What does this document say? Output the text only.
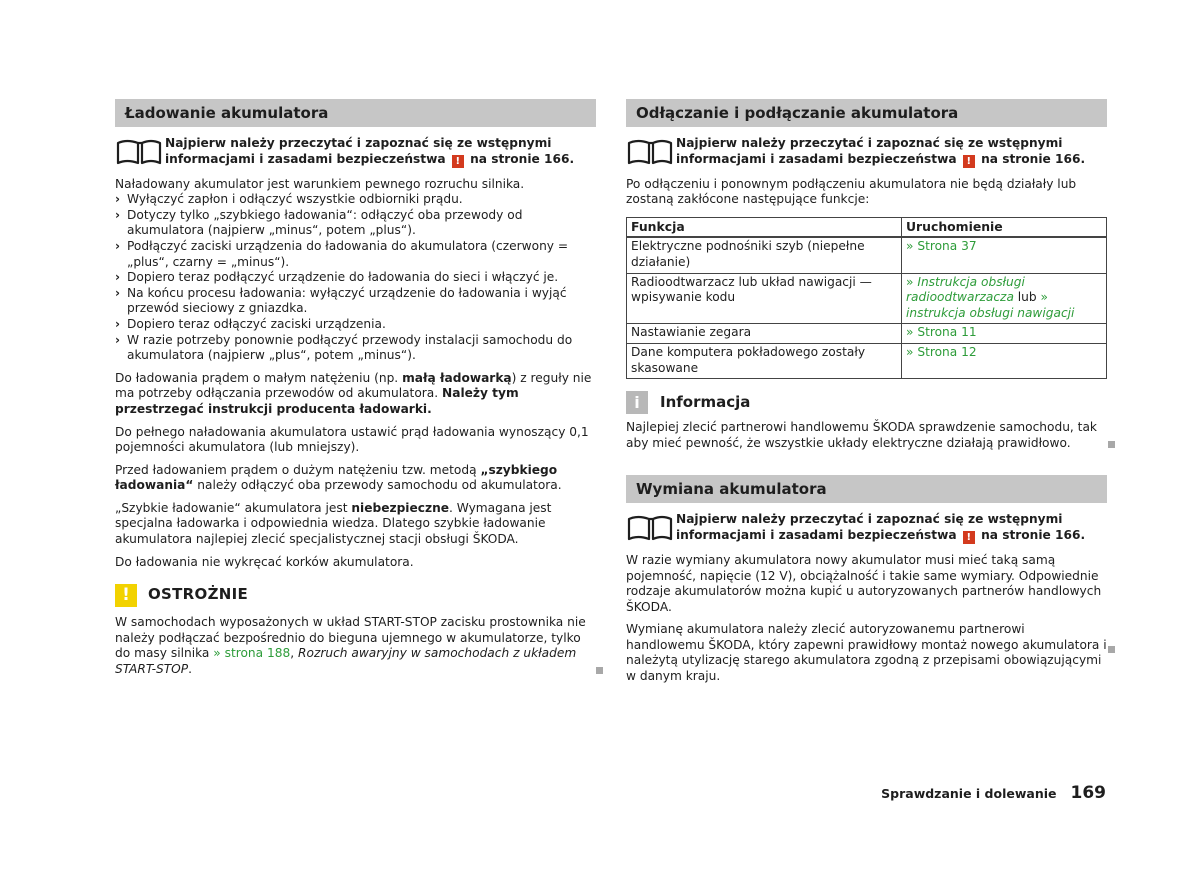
Ładowanie akumulatora
Najpierw należy przeczytać i zapoznać się ze wstępnymi informacjami i zasadami bezpieczeństwa ! na stronie 166.

Naładowany akumulator jest warunkiem pewnego rozruchu silnika.

› Wyłączyć zapłon i odłączyć wszystkie odbiorniki prądu.
› Dotyczy tylko „szybkiego ładowania“: odłączyć oba przewody od akumulatora (najpierw „minus“, potem „plus“).
› Podłączyć zaciski urządzenia do ładowania do akumulatora (czerwony = „plus“, czarny = „minus“).
› Dopiero teraz podłączyć urządzenie do ładowania do sieci i włączyć je.
› Na końcu procesu ładowania: wyłączyć urządzenie do ładowania i wyjąć przewód sieciowy z gniazdka.
› Dopiero teraz odłączyć zaciski urządzenia.
› W razie potrzeby ponownie podłączyć przewody instalacji samochodu do akumulatora (najpierw „plus“, potem „minus“).

Do ładowania prądem o małym natężeniu (np. małą ładowarką) z reguły nie ma potrzeby odłączania przewodów od akumulatora. Należy tym przestrzegać instrukcji producenta ładowarki.

Do pełnego naładowania akumulatora ustawić prąd ładowania wynoszący 0,1 pojemności akumulatora (lub mniejszy).

Przed ładowaniem prądem o dużym natężeniu tzw. metodą „szybkiego ładowania“ należy odłączyć oba przewody samochodu od akumulatora.

„Szybkie ładowanie“ akumulatora jest niebezpieczne. Wymagana jest specjalna ładowarka i odpowiednia wiedza. Dlatego szybkie ładowanie akumulatora najlepiej zlecić specjalistycznej stacji obsługi ŠKODA.

Do ładowania nie wykręcać korków akumulatora.

!	OSTROŻNIE

W samochodach wyposażonych w układ START-STOP zacisku prostownika nie należy podłączać bezpośrednio do bieguna ujemnego w akumulatorze, tylko do masy silnika » strona 188, Rozruch awaryjny w samochodach z układem START-STOP.

Odłączanie i podłączanie akumulatora
Najpierw należy przeczytać i zapoznać się ze wstępnymi informacjami i zasadami bezpieczeństwa ! na stronie 166.

Po odłączeniu i ponownym podłączeniu akumulatora nie będą działały lub zostaną zakłócone następujące funkcje:

Funkcja	Uruchomienie
Elektryczne podnośniki szyb (niepełne działanie)	» Strona 37
Radioodtwarzacz lub układ nawigacji — wpisywanie kodu	» Instrukcja obsługi radioodtwarzacza lub » instrukcja obsługi nawigacji
Nastawianie zegara	» Strona 11
Dane komputera pokładowego zostały skasowane	» Strona 12
i	Informacja

Najlepiej zlecić partnerowi handlowemu ŠKODA sprawdzenie samochodu, tak aby mieć pewność, że wszystkie układy elektryczne działają prawidłowo.

Wymiana akumulatora
Najpierw należy przeczytać i zapoznać się ze wstępnymi informacjami i zasadami bezpieczeństwa ! na stronie 166.

W razie wymiany akumulatora nowy akumulator musi mieć taką samą pojemność, napięcie (12 V), obciążalność i takie same wymiary. Odpowiednie rodzaje akumulatorów można kupić u autoryzowanych partnerów handlowych ŠKODA.

Wymianę akumulatora należy zlecić autoryzowanemu partnerowi handlowemu ŠKODA, który zapewni prawidłowy montaż nowego akumulatora i należytą utylizację starego akumulatora zgodną z przepisami obowiązującymi w danym kraju.

Sprawdzanie i dolewanie 169
